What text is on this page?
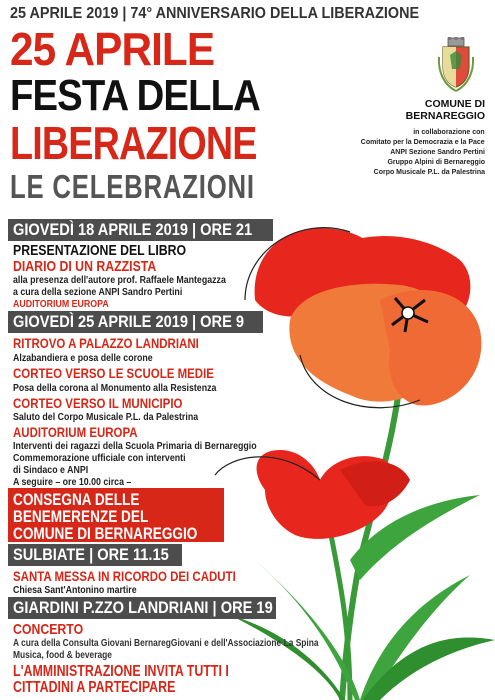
25 APRILE 2019 | 74° ANNIVERSARIO DELLA LIBERAZIONE
25 APRILE
FESTA DELLA
LIBERAZIONE
LE CELEBRAZIONI
COMUNE DI
BERNAREGGIO
in collaborazione con
Comitato per la Democrazia e la Pace
ANPI Sezione Sandro Pertini
Gruppo Alpini di Bernareggio
Corpo Musicale P.L. da Palestrina
GIOVEDÌ 18 APRILE 2019 | ORE 21
PRESENTAZIONE DEL LIBRO
DIARIO DI UN RAZZISTA
alla presenza dell'autore prof. Raffaele Mantegazza
a cura della sezione ANPI Sandro Pertini
AUDITORIUM EUROPA
GIOVEDÌ 25 APRILE 2019 | ORE 9
RITROVO A PALAZZO LANDRIANI
Alzabandiera e posa delle corone
CORTEO VERSO LE SCUOLE MEDIE
Posa della corona al Monumento alla Resistenza
CORTEO VERSO IL MUNICIPIO
Saluto del Corpo Musicale P.L. da Palestrina
AUDITORIUM EUROPA
Interventi dei ragazzi della Scuola Primaria di Bernareggio
Commemorazione ufficiale con interventi
di Sindaco e ANPI
A seguire – ore 10.00 circa –
CONSEGNA DELLE
BENEMERENZE DEL
COMUNE DI BERNAREGGIO
SULBIATE | ORE 11.15
SANTA MESSA IN RICORDO DEI CADUTI
Chiesa Sant'Antonino martire
GIARDINI P.ZZO LANDRIANI | ORE 19
CONCERTO
A cura della Consulta Giovani BernaregGiovani e dell'Associazione La Spina
Musica, food & beverage
L'AMMINISTRAZIONE INVITA TUTTI I
CITTADINI A PARTECIPARE
